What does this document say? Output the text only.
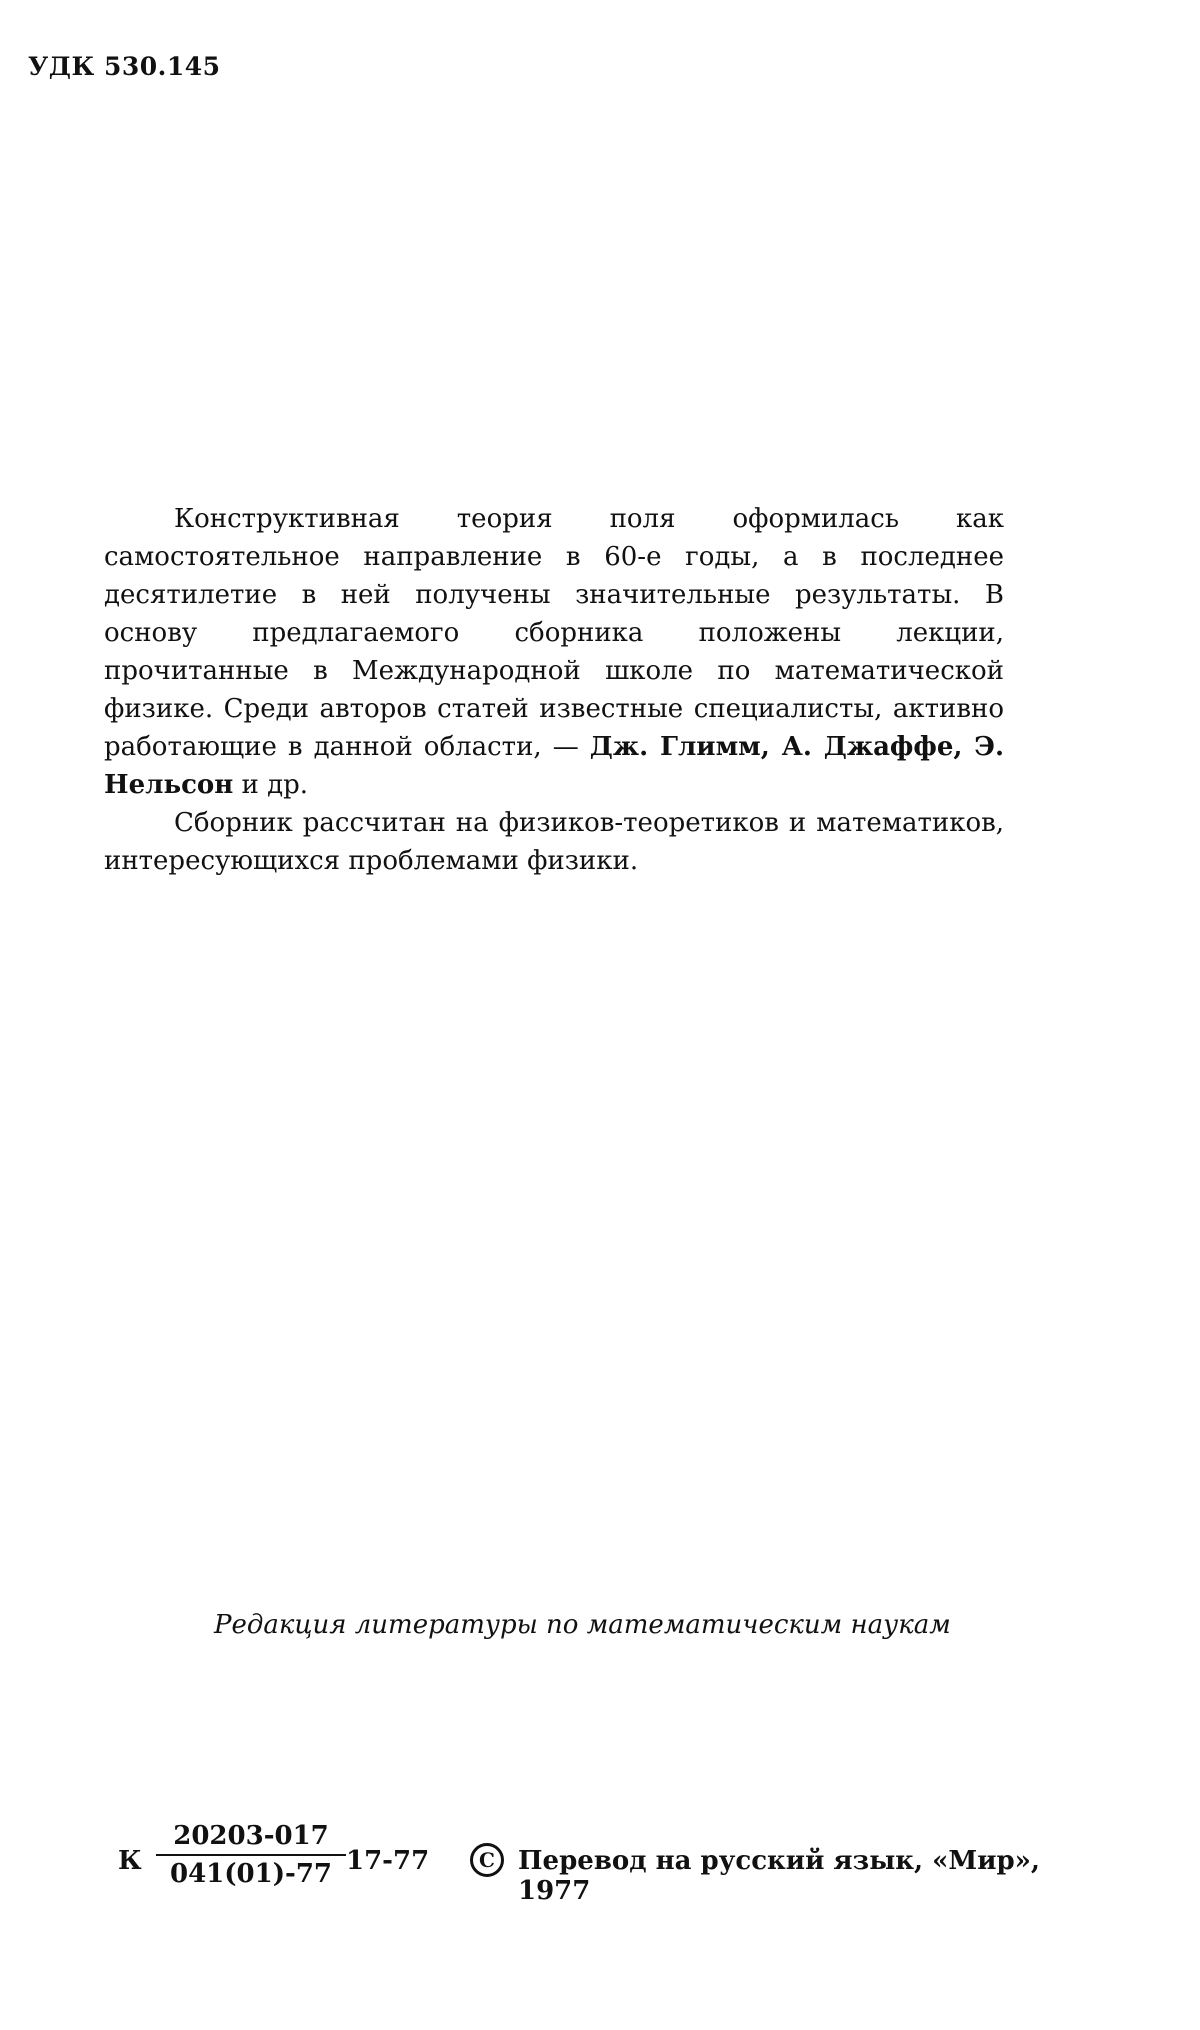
УДК 530.145

Конструктивная теория поля оформилась как самостоятельное направление в 60-е годы, а в последнее десятилетие в ней получены значительные результаты. В основу предлагаемого сборника положены лекции, прочитанные в Международной школе по математической физике. Среди авторов статей известные специалисты, активно работающие в данной области, — Дж. Глимм, А. Джаффе, Э. Нельсон и др.

Сборник рассчитан на физиков-теоретиков и математиков, интересующихся проблемами физики.

Редакция литературы по математическим наукам
К $\frac{20203-017}{041(01)-77} 17-77$	C Перевод на русский язык, «Мир», 1977
